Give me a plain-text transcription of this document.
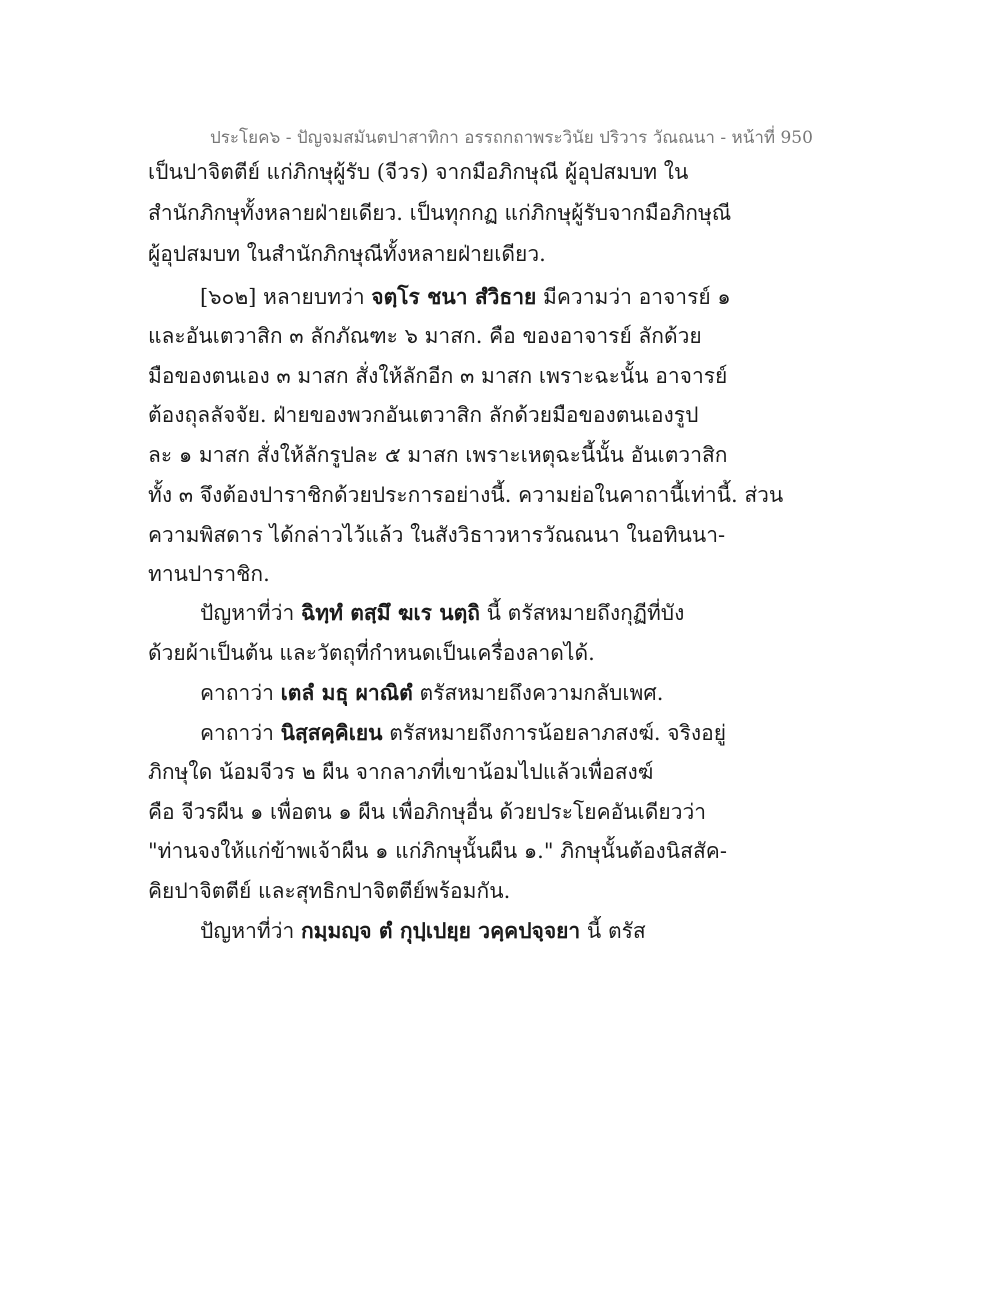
ประโยค๖ - ปัญจมสมันตปาสาทิกา อรรถกถาพระวินัย ปริวาร วัณณนา - หน้าที่ 950
เป็นปาจิตตีย์ แก่ภิกษุผู้รับ (จีวร) จากมือภิกษุณี ผู้อุปสมบท ใน
สำนักภิกษุทั้งหลายฝ่ายเดียว. เป็นทุกกฏ แก่ภิกษุผู้รับจากมือภิกษุณี
ผู้อุปสมบท ในสำนักภิกษุณีทั้งหลายฝ่ายเดียว.
[๖๐๒] หลายบทว่า จตฺโร ชนา สํวิธาย มีความว่า อาจารย์ ๑
และอันเตวาสิก ๓ ลักภัณฑะ ๖ มาสก. คือ ของอาจารย์ ลักด้วย
มือของตนเอง ๓ มาสก สั่งให้ลักอีก ๓ มาสก เพราะฉะนั้น อาจารย์
ต้องถุลลัจจัย. ฝ่ายของพวกอันเตวาสิก ลักด้วยมือของตนเองรูป
ละ ๑ มาสก สั่งให้ลักรูปละ ๕ มาสก เพราะเหตุฉะนี้นั้น อันเตวาสิก
ทั้ง ๓ จึงต้องปาราชิกด้วยประการอย่างนี้. ความย่อในคาถานี้เท่านี้. ส่วน
ความพิสดาร ได้กล่าวไว้แล้ว ในสังวิธาวหารวัณณนา ในอทินนา-
ทานปาราชิก.
ปัญหาที่ว่า ฉิทฺทํ ตสฺมึ ฆเร นตฺถิ นี้ ตรัสหมายถึงกุฏีที่บัง
ด้วยผ้าเป็นต้น และวัตถุที่กำหนดเป็นเครื่องลาดได้.
คาถาว่า เตลํ มธุ ผาณิตํ ตรัสหมายถึงความกลับเพศ.
คาถาว่า นิสฺสคฺคิเยน ตรัสหมายถึงการน้อยลาภสงฆ์. จริงอยู่
ภิกษุใด น้อมจีวร ๒ ผืน จากลาภที่เขาน้อมไปแล้วเพื่อสงฆ์
คือ จีวรผืน ๑ เพื่อตน ๑ ผืน เพื่อภิกษุอื่น ด้วยประโยคอันเดียวว่า
"ท่านจงให้แก่ข้าพเจ้าผืน ๑ แก่ภิกษุนั้นผืน ๑." ภิกษุนั้นต้องนิสสัค-
คิยปาจิตตีย์ และสุทธิกปาจิตตีย์พร้อมกัน.
ปัญหาที่ว่า กมฺมญฺจ ตํ กุปฺเปยฺย วคฺคปจฺจยา นี้ ตรัส
